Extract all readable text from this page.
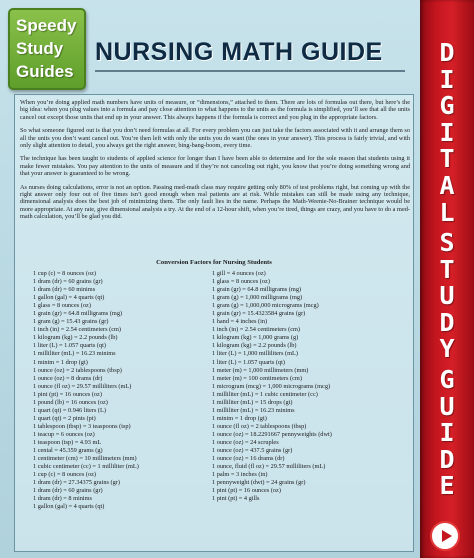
Speedy
Study
Guides
NURSING MATH GUIDE

When you’re doing applied math numbers have units of measure, or “dimensions,” attached to them. There are lots of formulas out there, but here’s the big idea: when you plug values into a formula and pay close attention to what happens to the units as the formula is simplified, you’ll see that all the units cancel out except those units that end up in your answer. This always happens if the formula is correct and you plug in the appropriate factors.

So what someone figured out is that you don’t need formulas at all. For every problem you can just take the factors associated with it and arrange them so all the units you don’t want cancel out. You’re then left with only the units you do want (the ones in your answer). This process is fairly trivial, and with only slight attention to detail, you always get the right answer, bing-bang-boom, every time.

The technique has been taught to students of applied science for longer than I have been able to determine and for the sole reason that students using it make fewer mistakes. You pay attention to the units of measure and if they’re not canceling out right, you know that you’re doing something wrong and that your answer is guaranteed to be wrong.

As nurses doing calculations, error is not an option. Passing med-math class may require getting only 80% of test problems right, but coming up with the right answer only four out of five times isn’t good enough when real patients are at risk. While mistakes can still be made using any technique, dimensional analysis does the best job of minimizing them. The only fault lies in the name. Perhaps the Math-Weenie-No-Brainer technique would be more appropriate. At any rate, give dimensional analysis a try. At the end of a 12-hour shift, when you’re tired, things are crazy, and you have to do a med-math calculation, you’ll be glad you did.

Conversion Factors for Nursing Students
1 cup (c) = 8 ounces (oz)
1 dram (dr) = 60 grains (gr)
1 dram (dr) = 60 minims
1 gallon (gal) = 4 quarts (qt)
1 glass = 8 ounces (oz)
1 grain (gr) = 64.8 milligrams (mg)
1 gram (g) = 15.43 grains (gr)
1 inch (in) = 2.54 centimeters (cm)
1 kilogram (kg) = 2.2 pounds (lb)
1 liter (L) = 1.057 quarts (qt)
1 milliliter (mL) = 16.23 minims
1 minim = 1 drop (gt)
1 ounce (oz) = 2 tablespoons (tbsp)
1 ounce (oz) = 8 drams (dr)
1 ounce (fl oz) = 29.57 milliliters (mL)
1 pint (pt) = 16 ounces (oz)
1 pound (lb) = 16 ounces (oz)
1 quart (qt) = 0.946 liters (L)
1 quart (qt) = 2 pints (pt)
1 tablespoon (tbsp) = 3 teaspoons (tsp)
1 teacup = 6 ounces (oz)
1 teaspoon (tsp) = 4.93 mL
1 cental = 45.359 grams (g)
1 centimeter (cm) = 10 millimeters (mm)
1 cubic centimeter (cc) = 1 milliliter (mL)
1 cup (c) = 8 ounces (oz)
1 dram (dr) = 27.34375 grains (gr)
1 dram (dr) = 60 grains (gr)
1 dram (dr) = 8 minims
1 gallon (gal) = 4 quarts (qt)
1 gill = 4 ounces (oz)
1 glass = 8 ounces (oz)
1 grain (gr) = 64.8 milligrams (mg)
1 gram (g) = 1,000 milligrams (mg)
1 gram (g) = 1,000,000 micrograms (mcg)
1 grain (gr) = 15.4323584 grains (gr)
1 hand = 4 inches (in)
1 inch (in) = 2.54 centimeters (cm)
1 kilogram (kg) = 1,000 grams (g)
1 kilogram (kg) = 2.2 pounds (lb)
1 liter (L) = 1,000 milliliters (mL)
1 liter (L) = 1.057 quarts (qt)
1 meter (m) = 1,000 millimeters (mm)
1 meter (m) = 100 centimeters (cm)
1 microgram (mcg) = 1,000 micrograms (mcg)
1 milliliter (mL) = 1 cubic centimeter (cc)
1 milliliter (mL) = 15 drops (gt)
1 milliliter (mL) = 16.23 minims
1 minim = 1 drop (gt)
1 ounce (fl oz) = 2 tablespoons (tbsp)
1 ounce (oz) = 18.2291667 pennyweights (dwt)
1 ounce (oz) = 24 scruples
1 ounce (oz) = 437.5 grains (gr)
1 ounce (oz) = 16 drams (dr)
1 ounce, fluid (fl oz) = 29.57 milliliters (mL)
1 palm = 3 inches (in)
1 pennyweight (dwt) = 24 grains (gr)
1 pint (pt) = 16 ounces (oz)
1 pint (pt) = 4 gills
D
I
G
I
T
A
L
S
T
U
D
Y
G
U
I
D
E
